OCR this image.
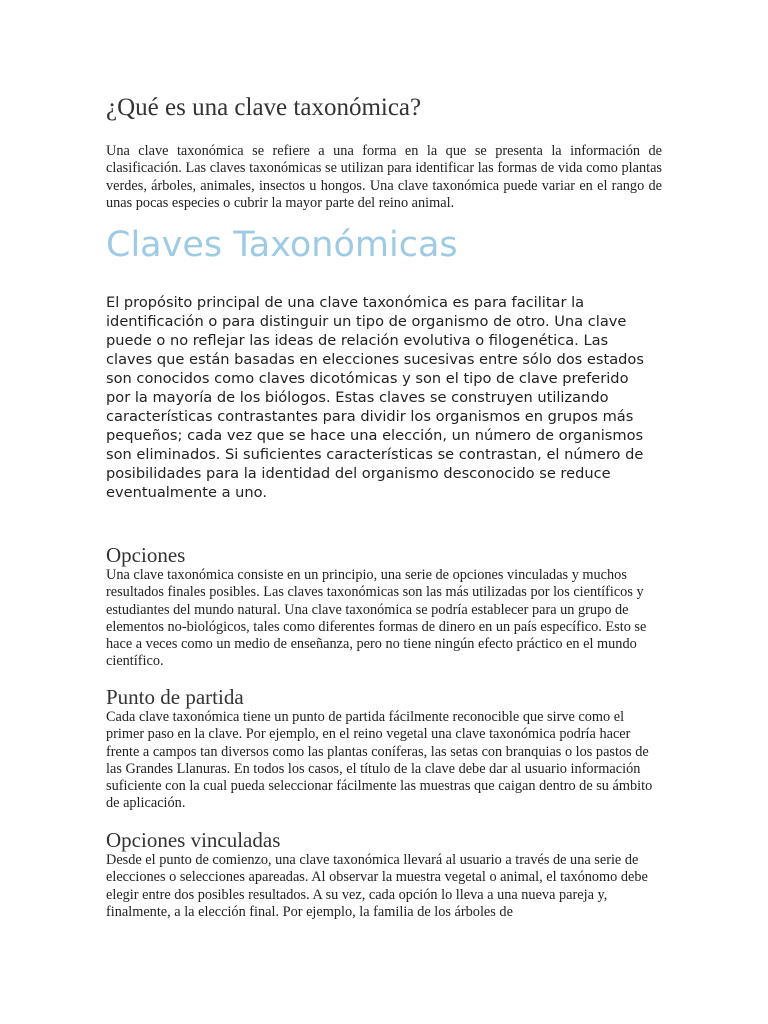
¿Qué es una clave taxonómica?

Una clave taxonómica se refiere a una forma en la que se presenta la información de clasificación. Las claves taxonómicas se utilizan para identificar las formas de vida como plantas verdes, árboles, animales, insectos u hongos. Una clave taxonómica puede variar en el rango de unas pocas especies o cubrir la mayor parte del reino animal.

Claves Taxonómicas

El propósito principal de una clave taxonómica es para facilitar la identificación o para distinguir un tipo de organismo de otro. Una clave puede o no reflejar las ideas de relación evolutiva o filogenética. Las claves que están basadas en elecciones sucesivas entre sólo dos estados son conocidos como claves dicotómicas y son el tipo de clave preferido por la mayoría de los biólogos. Estas claves se construyen utilizando características contrastantes para dividir los organismos en grupos más pequeños; cada vez que se hace una elección, un número de organismos son eliminados. Si suficientes características se contrastan, el número de posibilidades para la identidad del organismo desconocido se reduce eventualmente a uno.

Opciones

Una clave taxonómica consiste en un principio, una serie de opciones vinculadas y muchos resultados finales posibles. Las claves taxonómicas son las más utilizadas por los científicos y estudiantes del mundo natural. Una clave taxonómica se podría establecer para un grupo de elementos no-biológicos, tales como diferentes formas de dinero en un país específico. Esto se hace a veces como un medio de enseñanza, pero no tiene ningún efecto práctico en el mundo científico.

Punto de partida

Cada clave taxonómica tiene un punto de partida fácilmente reconocible que sirve como el primer paso en la clave. Por ejemplo, en el reino vegetal una clave taxonómica podría hacer frente a campos tan diversos como las plantas coníferas, las setas con branquias o los pastos de las Grandes Llanuras. En todos los casos, el título de la clave debe dar al usuario información suficiente con la cual pueda seleccionar fácilmente las muestras que caigan dentro de su ámbito de aplicación.

Opciones vinculadas

Desde el punto de comienzo, una clave taxonómica llevará al usuario a través de una serie de elecciones o selecciones apareadas. Al observar la muestra vegetal o animal, el taxónomo debe elegir entre dos posibles resultados. A su vez, cada opción lo lleva a una nueva pareja y, finalmente, a la elección final. Por ejemplo, la familia de los árboles de
